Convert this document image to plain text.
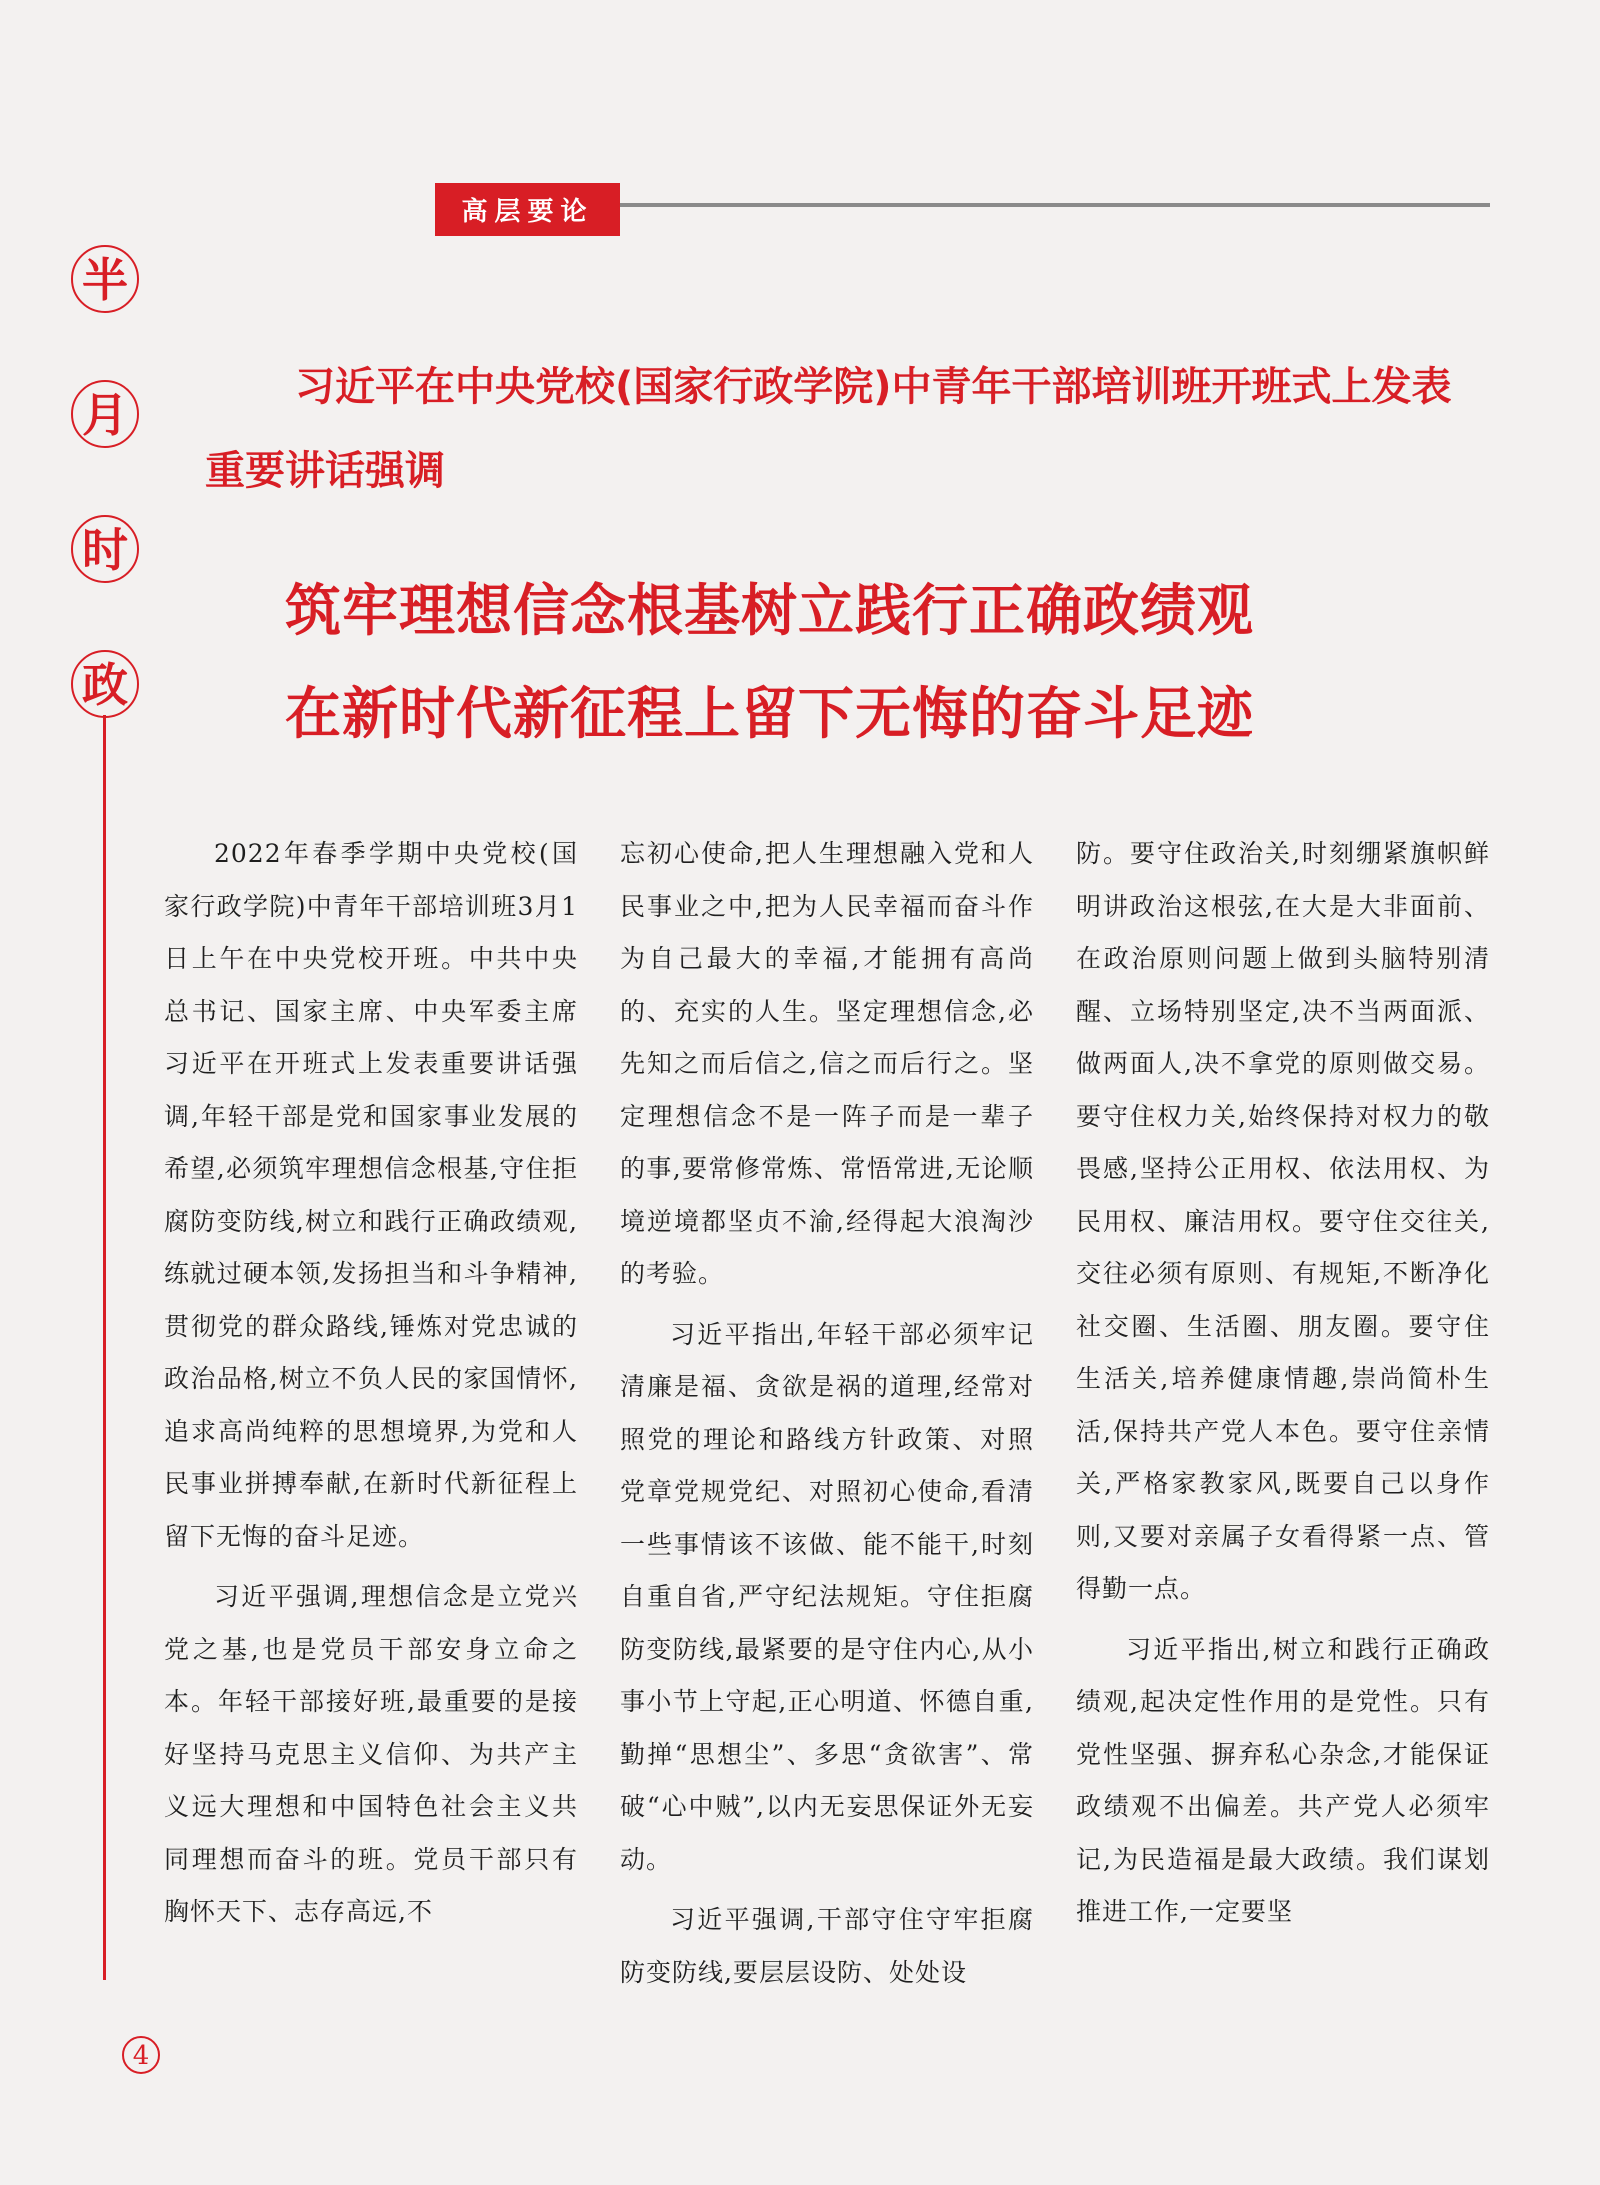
高层要论
半
月
时
政
习近平在中央党校(国家行政学院)中青年干部培训班开班式上发表重要讲话强调
筑牢理想信念根基树立践行正确政绩观
在新时代新征程上留下无悔的奋斗足迹

2022年春季学期中央党校(国家行政学院)中青年干部培训班3月1日上午在中央党校开班。中共中央总书记、国家主席、中央军委主席习近平在开班式上发表重要讲话强调,年轻干部是党和国家事业发展的希望,必须筑牢理想信念根基,守住拒腐防变防线,树立和践行正确政绩观,练就过硬本领,发扬担当和斗争精神,贯彻党的群众路线,锤炼对党忠诚的政治品格,树立不负人民的家国情怀,追求高尚纯粹的思想境界,为党和人民事业拼搏奉献,在新时代新征程上留下无悔的奋斗足迹。

习近平强调,理想信念是立党兴党之基,也是党员干部安身立命之本。年轻干部接好班,最重要的是接好坚持马克思主义信仰、为共产主义远大理想和中国特色社会主义共同理想而奋斗的班。党员干部只有胸怀天下、志存高远,不

忘初心使命,把人生理想融入党和人民事业之中,把为人民幸福而奋斗作为自己最大的幸福,才能拥有高尚的、充实的人生。坚定理想信念,必先知之而后信之,信之而后行之。坚定理想信念不是一阵子而是一辈子的事,要常修常炼、常悟常进,无论顺境逆境都坚贞不渝,经得起大浪淘沙的考验。

习近平指出,年轻干部必须牢记清廉是福、贪欲是祸的道理,经常对照党的理论和路线方针政策、对照党章党规党纪、对照初心使命,看清一些事情该不该做、能不能干,时刻自重自省,严守纪法规矩。守住拒腐防变防线,最紧要的是守住内心,从小事小节上守起,正心明道、怀德自重,勤掸“思想尘”、多思“贪欲害”、常破“心中贼”,以内无妄思保证外无妄动。

习近平强调,干部守住守牢拒腐防变防线,要层层设防、处处设

防。要守住政治关,时刻绷紧旗帜鲜明讲政治这根弦,在大是大非面前、在政治原则问题上做到头脑特别清醒、立场特别坚定,决不当两面派、做两面人,决不拿党的原则做交易。要守住权力关,始终保持对权力的敬畏感,坚持公正用权、依法用权、为民用权、廉洁用权。要守住交往关,交往必须有原则、有规矩,不断净化社交圈、生活圈、朋友圈。要守住生活关,培养健康情趣,崇尚简朴生活,保持共产党人本色。要守住亲情关,严格家教家风,既要自己以身作则,又要对亲属子女看得紧一点、管得勤一点。

习近平指出,树立和践行正确政绩观,起决定性作用的是党性。只有党性坚强、摒弃私心杂念,才能保证政绩观不出偏差。共产党人必须牢记,为民造福是最大政绩。我们谋划推进工作,一定要坚

4
